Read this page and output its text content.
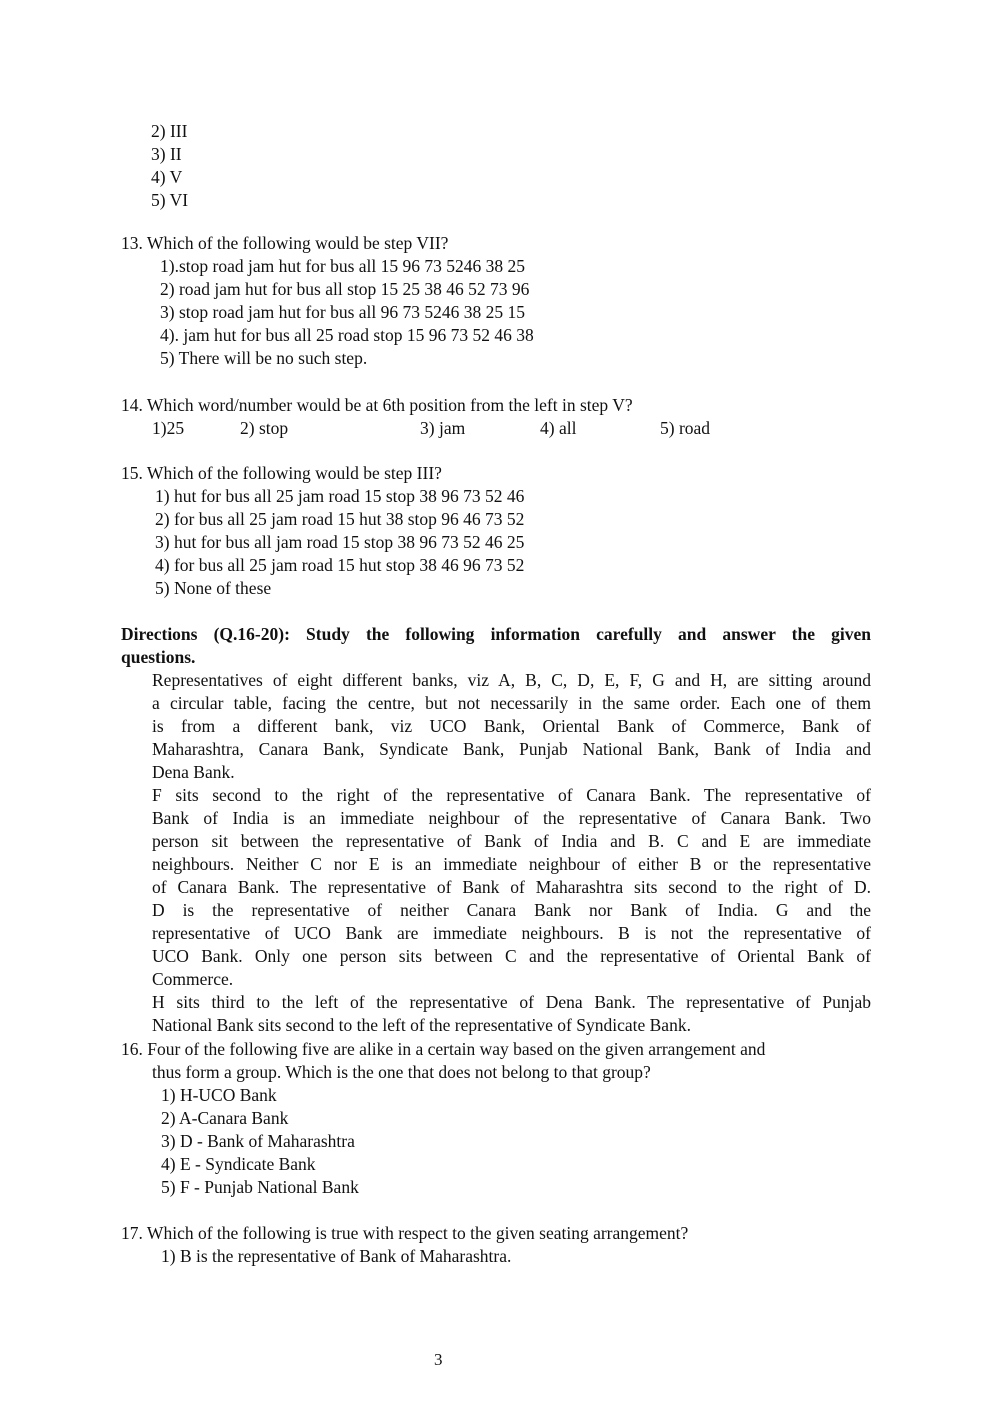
2) III
3) II
4) V
5) VI
13. Which of the following would be step VII?
1).stop road jam hut for bus all 15 96 73 5246 38 25
2) road jam hut for bus all stop 15 25 38 46 52 73 96
3) stop road jam hut for bus all 96 73 5246 38 25 15
4). jam hut for bus all 25 road stop 15 96 73 52 46 38
5) There will be no such step.
14. Which word/number would be at 6th position from the left in step V?
1)25	2) stop	3) jam	4) all	5) road
15. Which of the following would be step III?
1) hut for bus all 25 jam road 15 stop 38 96 73 52 46
2) for bus all 25 jam road 15 hut 38 stop 96 46 73 52
3) hut for bus all jam road 15 stop 38 96 73 52 46 25
4) for bus all 25 jam road 15 hut stop 38 46 96 73 52
5) None of these
Directions (Q.16-20): Study the following information carefully and answer the given
questions.
Representatives of eight different banks, viz A, B, C, D, E, F, G and H, are sitting around
a circular table, facing the centre, but not necessarily in the same order. Each one of them
is from a different bank, viz UCO Bank, Oriental Bank of Commerce, Bank of
Maharashtra, Canara Bank, Syndicate Bank, Punjab National Bank, Bank of India and
Dena Bank.
F sits second to the right of the representative of Canara Bank. The representative of
Bank of India is an immediate neighbour of the representative of Canara Bank. Two
person sit between the representative of Bank of India and B. C and E are immediate
neighbours. Neither C nor E is an immediate neighbour of either B or the representative
of Canara Bank. The representative of Bank of Maharashtra sits second to the right of D.
D is the representative of neither Canara Bank nor Bank of India. G and the
representative of UCO Bank are immediate neighbours. B is not the representative of
UCO Bank. Only one person sits between C and the representative of Oriental Bank of
Commerce.
H sits third to the left of the representative of Dena Bank. The representative of Punjab
National Bank sits second to the left of the representative of Syndicate Bank.
16. Four of the following five are alike in a certain way based on the given arrangement and
thus form a group. Which is the one that does not belong to that group?
1) H-UCO Bank
2) A-Canara Bank
3) D - Bank of Maharashtra
4) E - Syndicate Bank
5) F - Punjab National Bank
17. Which of the following is true with respect to the given seating arrangement?
1) B is the representative of Bank of Maharashtra.
3
